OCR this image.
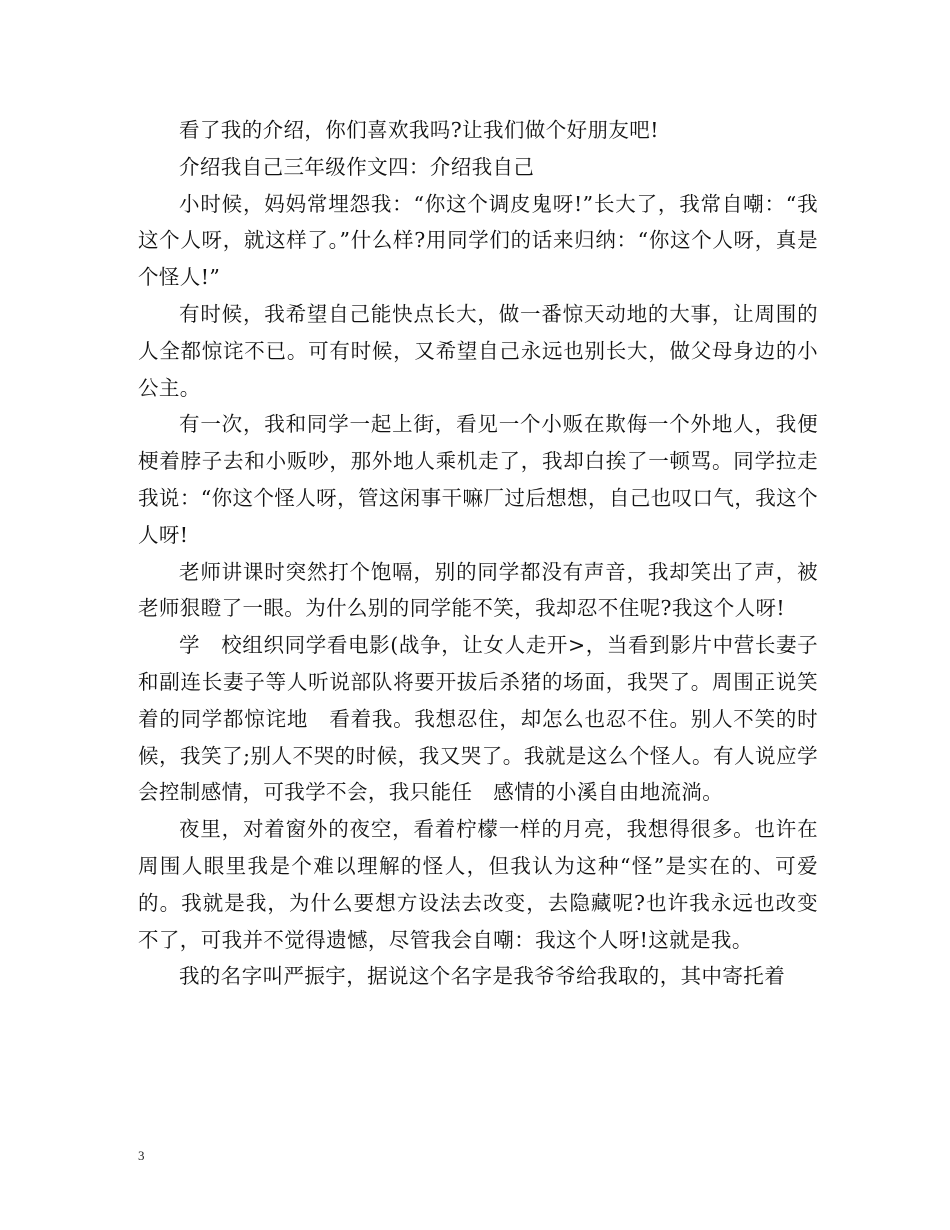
看了我的介绍，你们喜欢我吗?让我们做个好朋友吧!

介绍我自己三年级作文四：介绍我自己

小时候，妈妈常埋怨我：“你这个调皮鬼呀!”长大了，我常自嘲：“我这个人呀，就这样了。”什么样?用同学们的话来归纳：“你这个人呀，真是个怪人!”

有时候，我希望自己能快点长大，做一番惊天动地的大事，让周围的人全都惊诧不已。可有时候，又希望自己永远也别长大，做父母身边的小公主。

有一次，我和同学一起上街，看见一个小贩在欺侮一个外地人，我便梗着脖子去和小贩吵，那外地人乘机走了，我却白挨了一顿骂。同学拉走我说：“你这个怪人呀，管这闲事干嘛厂过后想想，自己也叹口气，我这个人呀!

老师讲课时突然打个饱嗝，别的同学都没有声音，我却笑出了声，被老师狠瞪了一眼。为什么别的同学能不笑，我却忍不住呢?我这个人呀!

学　校组织同学看电影(战争，让女人走开>，当看到影片中营长妻子和副连长妻子等人听说部队将要开拔后杀猪的场面，我哭了。周围正说笑着的同学都惊诧地　看着我。我想忍住，却怎么也忍不住。别人不笑的时候，我笑了;别人不哭的时候，我又哭了。我就是这么个怪人。有人说应学会控制感情，可我学不会，我只能任　感情的小溪自由地流淌。

夜里，对着窗外的夜空，看着柠檬一样的月亮，我想得很多。也许在周围人眼里我是个难以理解的怪人，但我认为这种“怪”是实在的、可爱的。我就是我，为什么要想方设法去改变，去隐藏呢?也许我永远也改变不了，可我并不觉得遗憾，尽管我会自嘲：我这个人呀!这就是我。

我的名字叫严振宇，据说这个名字是我爷爷给我取的，其中寄托着

3
